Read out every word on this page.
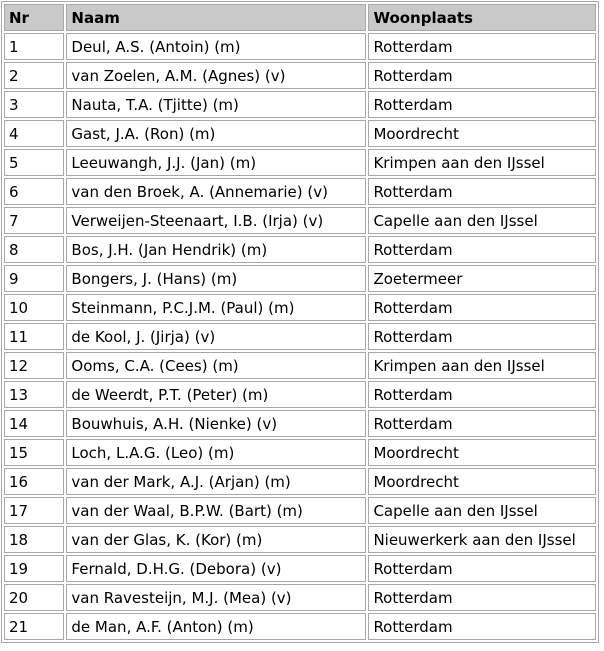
Nr	Naam	Woonplaats
1	Deul, A.S. (Antoin) (m)	Rotterdam
2	van Zoelen, A.M. (Agnes) (v)	Rotterdam
3	Nauta, T.A. (Tjitte) (m)	Rotterdam
4	Gast, J.A. (Ron) (m)	Moordrecht
5	Leeuwangh, J.J. (Jan) (m)	Krimpen aan den IJssel
6	van den Broek, A. (Annemarie) (v)	Rotterdam
7	Verweijen-Steenaart, I.B. (Irja) (v)	Capelle aan den IJssel
8	Bos, J.H. (Jan Hendrik) (m)	Rotterdam
9	Bongers, J. (Hans) (m)	Zoetermeer
10	Steinmann, P.C.J.M. (Paul) (m)	Rotterdam
11	de Kool, J. (Jirja) (v)	Rotterdam
12	Ooms, C.A. (Cees) (m)	Krimpen aan den IJssel
13	de Weerdt, P.T. (Peter) (m)	Rotterdam
14	Bouwhuis, A.H. (Nienke) (v)	Rotterdam
15	Loch, L.A.G. (Leo) (m)	Moordrecht
16	van der Mark, A.J. (Arjan) (m)	Moordrecht
17	van der Waal, B.P.W. (Bart) (m)	Capelle aan den IJssel
18	van der Glas, K. (Kor) (m)	Nieuwerkerk aan den IJssel
19	Fernald, D.H.G. (Debora) (v)	Rotterdam
20	van Ravesteijn, M.J. (Mea) (v)	Rotterdam
21	de Man, A.F. (Anton) (m)	Rotterdam
